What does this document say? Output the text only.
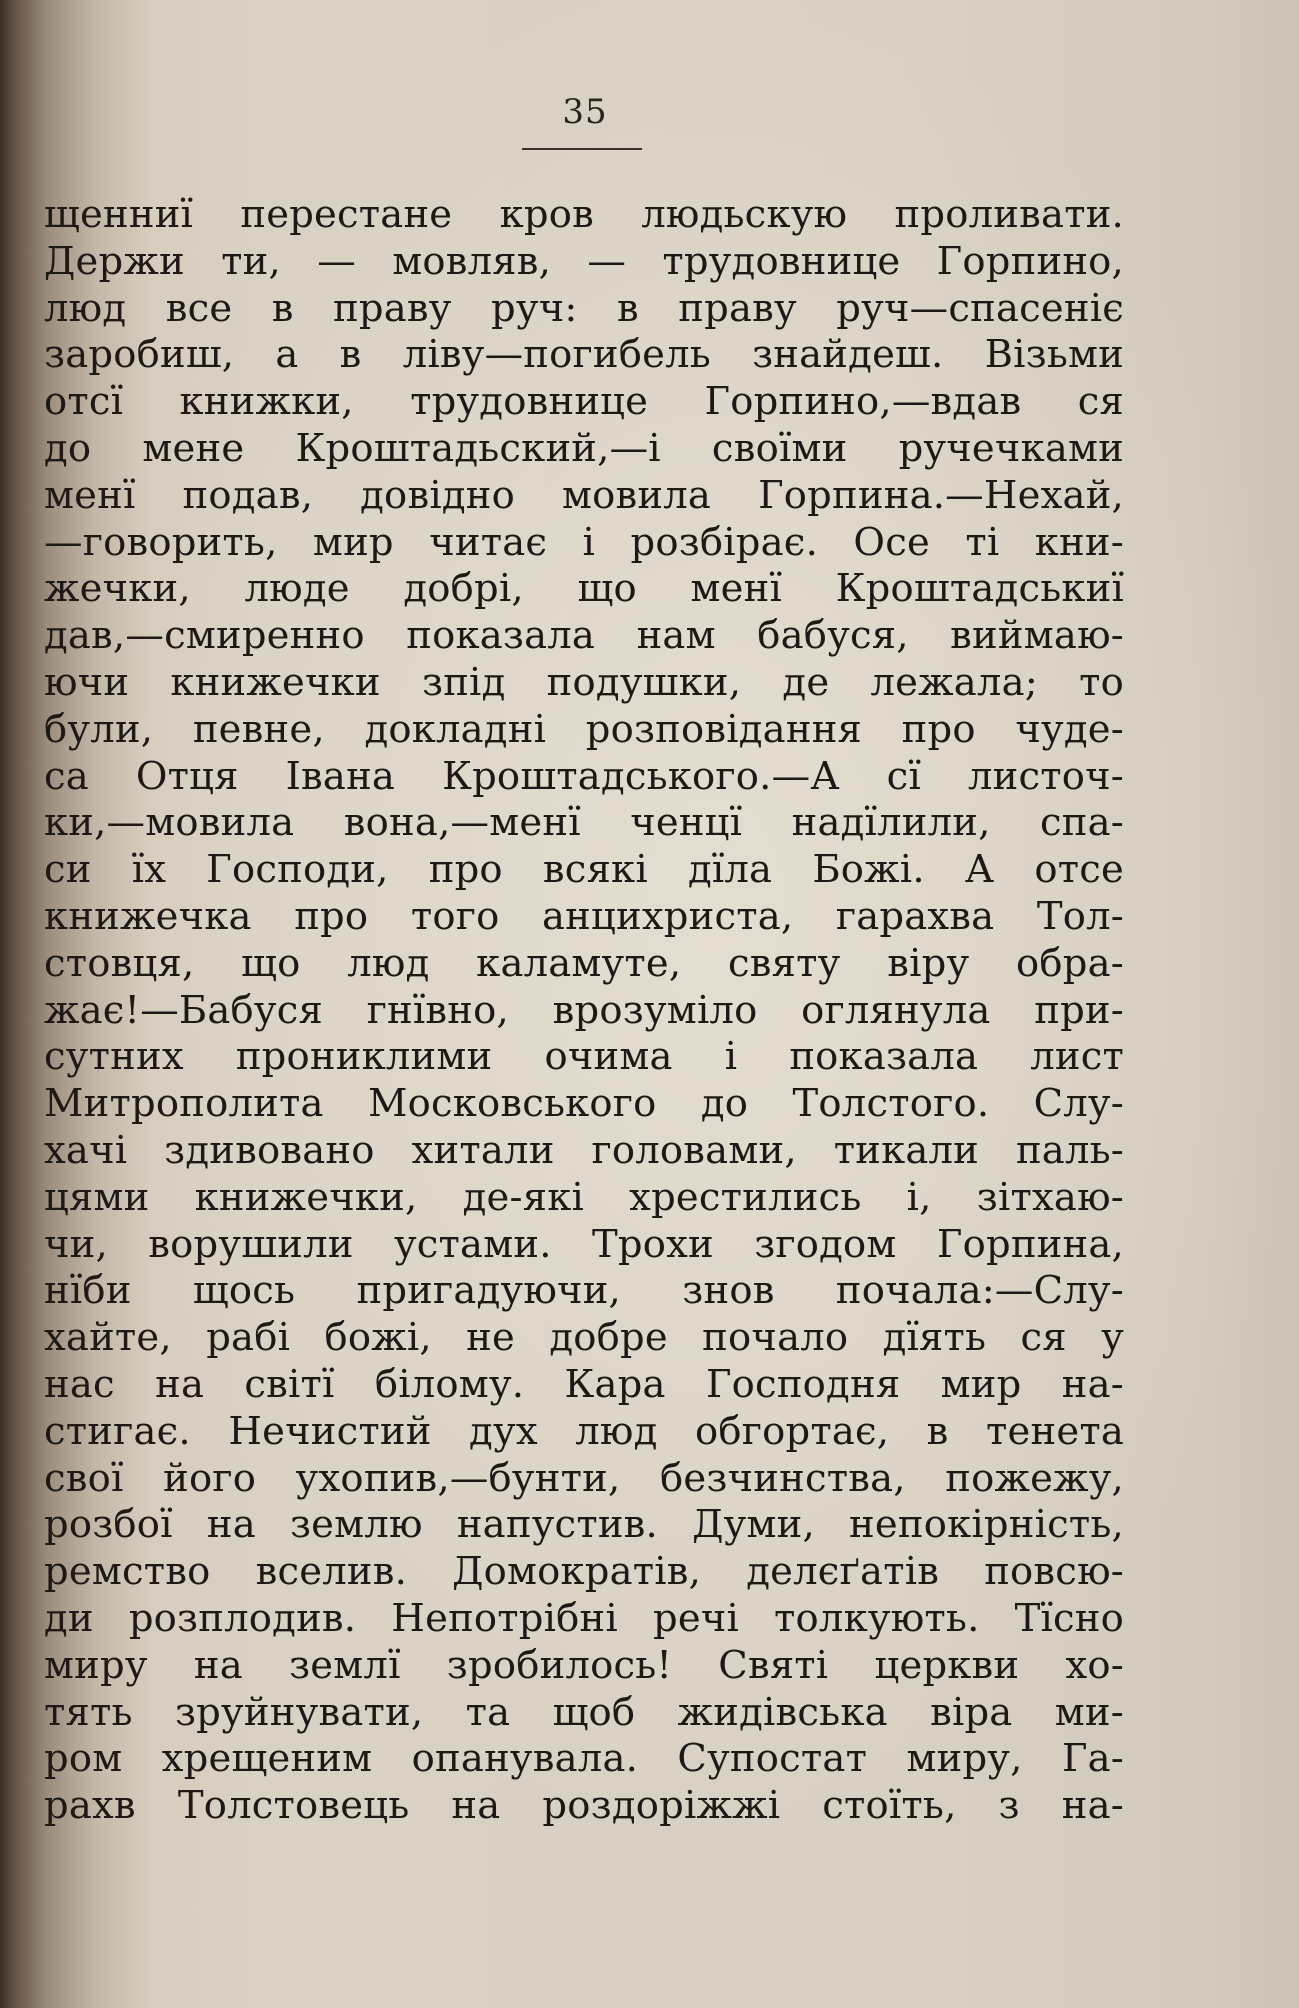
35
щенниї перестане кров людьскую проливати.
Держи ти, — мовляв, — трудовнице Горпино,
люд все в праву руч: в праву руч—спасеніє
заробиш, а в ліву—погибель знайдеш. Візьми
отсї книжки, трудовнице Горпино,—вдав ся
до мене Кроштадьский,—і своїми ручечками
менї подав, довідно мовила Горпина.—Нехай,
—говорить, мир читає і розбірає. Осе ті кни-
жечки, люде добрі, що менї Кроштадськиї
дав,—смиренно показала нам бабуся, виймаю-
ючи книжечки зпід подушки, де лежала; то
були, певне, докладні розповідання про чуде-
са Отця Івана Кроштадського.—А сї листоч-
ки,—мовила вона,—менї ченцї надїлили, спа-
си їх Господи, про всякі дїла Божі. А отсе
книжечка про того анцихриста, гарахва Тол-
стовця, що люд каламуте, святу віру обра-
жає!—Бабуся гнївно, врозуміло оглянула при-
сутних прониклими очима і показала лист
Митрополита Московського до Толстого. Слу-
хачі здивовано хитали головами, тикали паль-
цями книжечки, де-які хрестились і, зітхаю-
чи, ворушили устами. Трохи згодом Горпина,
нїби щось пригадуючи, знов почала:—Слу-
хайте, рабі божі, не добре почало дїять ся у
нас на світї білому. Кара Господня мир на-
стигає. Нечистий дух люд обгортає, в тенета
свої його ухопив,—бунти, безчинства, пожежу,
розбої на землю напустив. Думи, непокірність,
ремство вселив. Домократів, делєґатів повсю-
ди розплодив. Непотрібні речі толкують. Тїсно
миру на землї зробилось! Святі церкви хо-
тять зруйнувати, та щоб жидівська віра ми-
ром хрещеним опанувала. Супостат миру, Га-
рахв Толстовець на роздоріжжі стоїть, з на-
